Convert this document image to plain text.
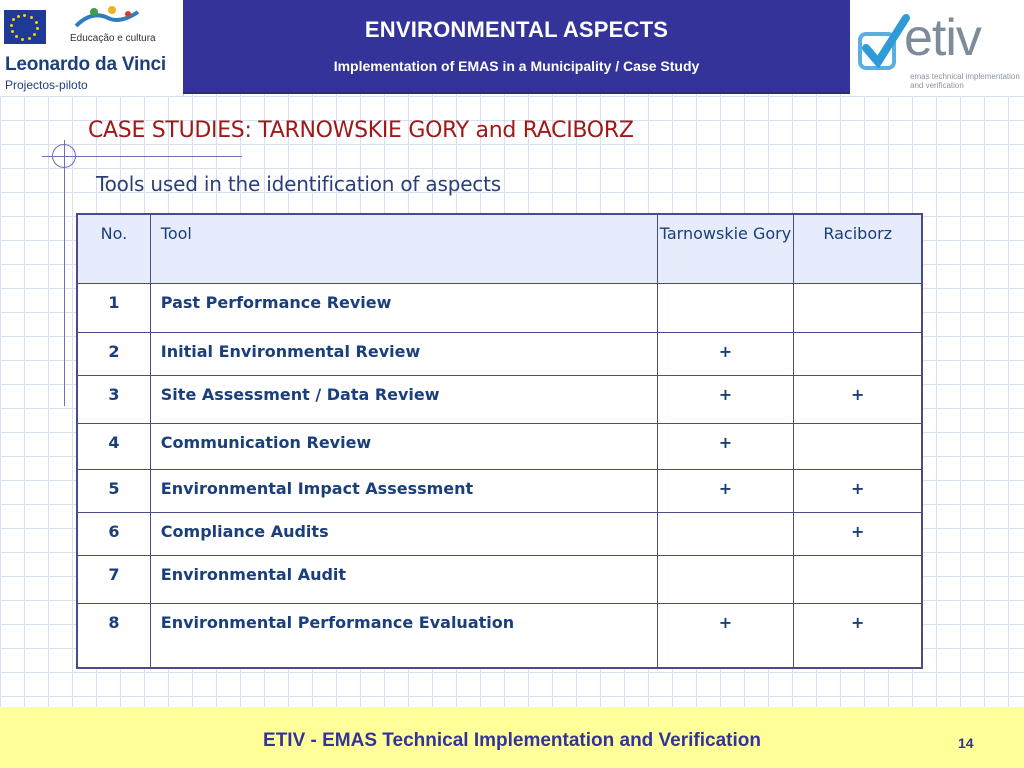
Educação e cultura
Leonardo da Vinci
Projectos-piloto
ENVIRONMENTAL ASPECTS
Implementation of EMAS in a Municipality / Case Study	etiv
emas technical implementation and verification
CASE STUDIES: TARNOWSKIE GORY and RACIBORZ
Tools used in the identification of aspects
No.	Tool	Tarnowskie Gory	Raciborz
1	Past Performance Review		
2	Initial Environmental Review	+	
3	Site Assessment / Data Review	+	+
4	Communication Review	+	
5	Environmental Impact Assessment	+	+
6	Compliance Audits		+
7	Environmental Audit		
8	Environmental Performance Evaluation	+	+
ETIV - EMAS Technical Implementation and Verification	14
